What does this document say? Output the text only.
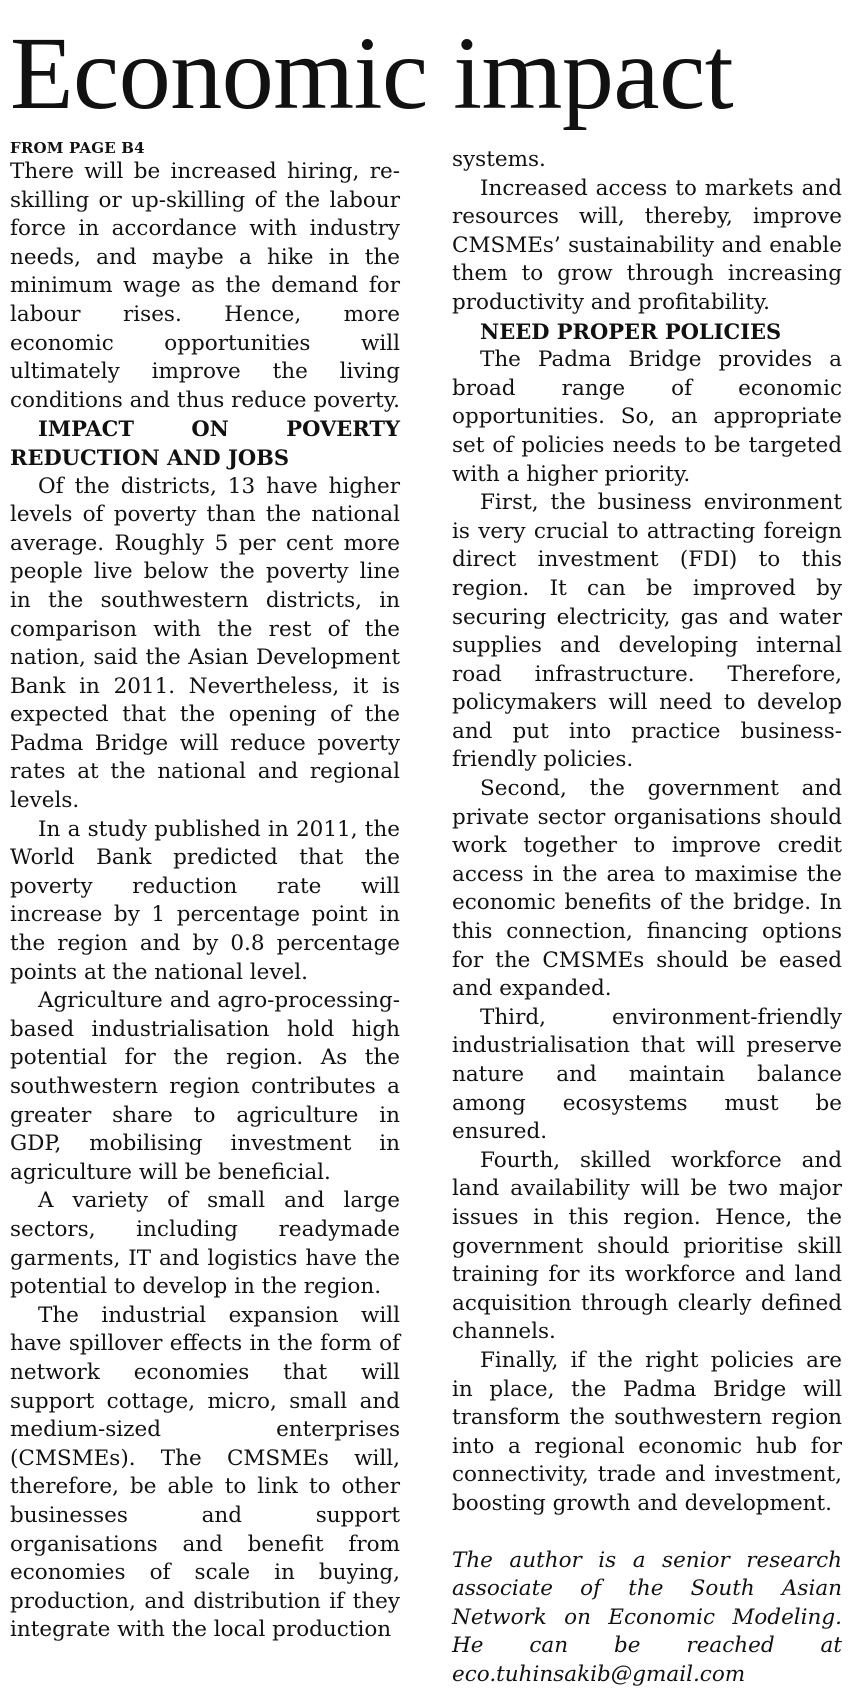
Economic impact
FROM PAGE B4

There will be increased hiring, re-skilling or up-skilling of the labour force in accordance with industry needs, and maybe a hike in the minimum wage as the demand for labour rises. Hence, more economic opportunities will ultimately improve the living conditions and thus reduce poverty.

IMPACT ON POVERTY REDUCTION AND JOBS

Of the districts, 13 have higher levels of poverty than the national average. Roughly 5 per cent more people live below the poverty line in the southwestern districts, in comparison with the rest of the nation, said the Asian Development Bank in 2011. Nevertheless, it is expected that the opening of the Padma Bridge will reduce poverty rates at the national and regional levels.

In a study published in 2011, the World Bank predicted that the poverty reduction rate will increase by 1 percentage point in the region and by 0.8 percentage points at the national level.

Agriculture and agro-processing-based industrialisation hold high potential for the region. As the southwestern region contributes a greater share to agriculture in GDP, mobilising investment in agriculture will be beneficial.

A variety of small and large sectors, including readymade garments, IT and logistics have the potential to develop in the region.

The industrial expansion will have spillover effects in the form of network economies that will support cottage, micro, small and medium-sized enterprises (CMSMEs). The CMSMEs will, therefore, be able to link to other businesses and support organisations and benefit from economies of scale in buying, production, and distribution if they integrate with the local production

systems.

Increased access to markets and resources will, thereby, improve CMSMEs’ sustainability and enable them to grow through increasing productivity and profitability.

NEED PROPER POLICIES

The Padma Bridge provides a broad range of economic opportunities. So, an appropriate set of policies needs to be targeted with a higher priority.

First, the business environment is very crucial to attracting foreign direct investment (FDI) to this region. It can be improved by securing electricity, gas and water supplies and developing internal road infrastructure. Therefore, policymakers will need to develop and put into practice business-friendly policies.

Second, the government and private sector organisations should work together to improve credit access in the area to maximise the economic benefits of the bridge. In this connection, financing options for the CMSMEs should be eased and expanded.

Third, environment-friendly industrialisation that will preserve nature and maintain balance among ecosystems must be ensured.

Fourth, skilled workforce and land availability will be two major issues in this region. Hence, the government should prioritise skill training for its workforce and land acquisition through clearly defined channels.

Finally, if the right policies are in place, the Padma Bridge will transform the southwestern region into a regional economic hub for connectivity, trade and investment, boosting growth and development.

The author is a senior research associate of the South Asian Network on Economic Modeling. He can be reached at eco.tuhinsakib@gmail.com
